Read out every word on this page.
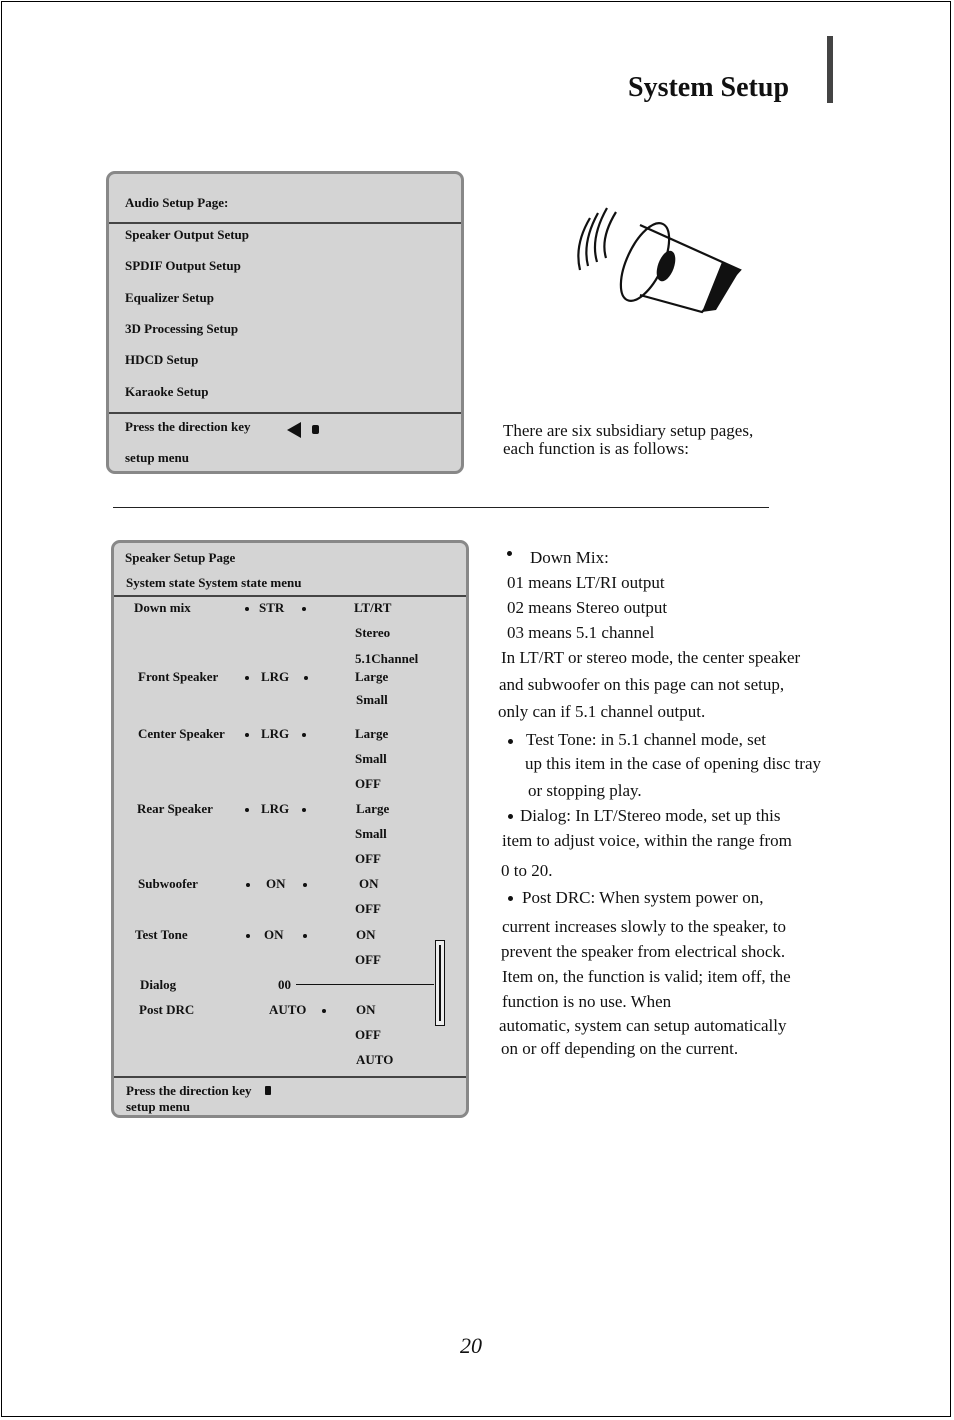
System Setup
Audio Setup Page:
Speaker Output Setup
SPDIF Output Setup
Equalizer Setup
3D Processing Setup
HDCD Setup
Karaoke Setup
Press the direction key
setup menu
There are six subsidiary setup pages,
each function is as follows:
Speaker Setup Page
System state System state menu
Down mix	STR	LT/RT
Stereo
5.1Channel
Front Speaker	LRG	Large
Small
Center Speaker	LRG	Large
Small
OFF
Rear Speaker	LRG	Large
Small
OFF
Subwoofer	ON	ON
OFF
Test Tone	ON	ON
OFF
Dialog	00
Post DRC	AUTO	ON
OFF
AUTO
Press the direction key
setup menu
Down Mix:
01 means LT/RI output
02 means Stereo output
03 means 5.1 channel
In LT/RT or stereo mode, the center speaker
and subwoofer on this page can not setup,
only can if 5.1 channel output.
Test Tone: in 5.1 channel mode, set
up this item in the case of opening disc tray
or stopping play.
Dialog: In LT/Stereo mode, set up this
item to adjust voice, within the range from
0 to 20.
Post DRC: When system power on,
current increases slowly to the speaker, to
prevent the speaker from electrical shock.
Item on, the function is valid; item off, the
function is no use. When
automatic, system can setup automatically
on or off depending on the current.
20
